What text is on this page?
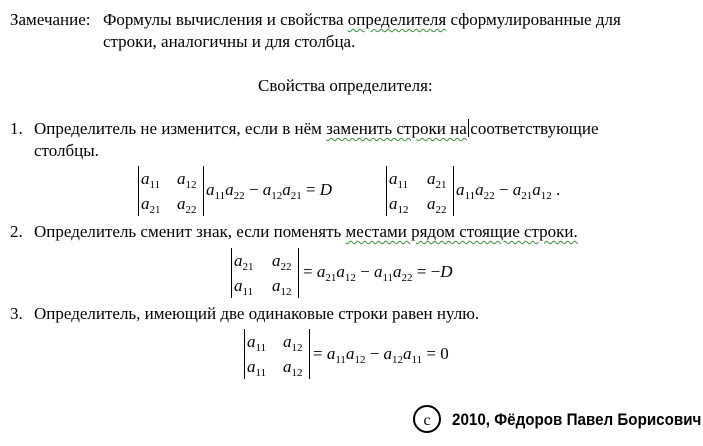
Замечание: Формулы вычисления и свойства определителя сформулированные для
строки, аналогичны и для столбца.
Свойства определителя:
1. Определитель не изменится, если в нём заменить строки на соответствующие
столбцы.
$a_{11}$ $a_{12}$
$a_{21}$ $a_{22}$
$a_{11}a_{22} - a_{12}a_{21} = D$
$a_{11}$ $a_{21}$
$a_{12}$ $a_{22}$
$a_{11}a_{22} - a_{21}a_{12}$ .
2. Определитель сменит знак, если поменять местами рядом стоящие строки.
$a_{21}$ $a_{22}$
$a_{11}$ $a_{12}$
= $a_{21}a_{12} - a_{11}a_{22} = -D$
3. Определитель, имеющий две одинаковые строки равен нулю.
$a_{11}$ $a_{12}$
$a_{11}$ $a_{12}$
= $a_{11}a_{12} - a_{12}a_{11} = 0$
c	2010, Фёдоров Павел Борисович
